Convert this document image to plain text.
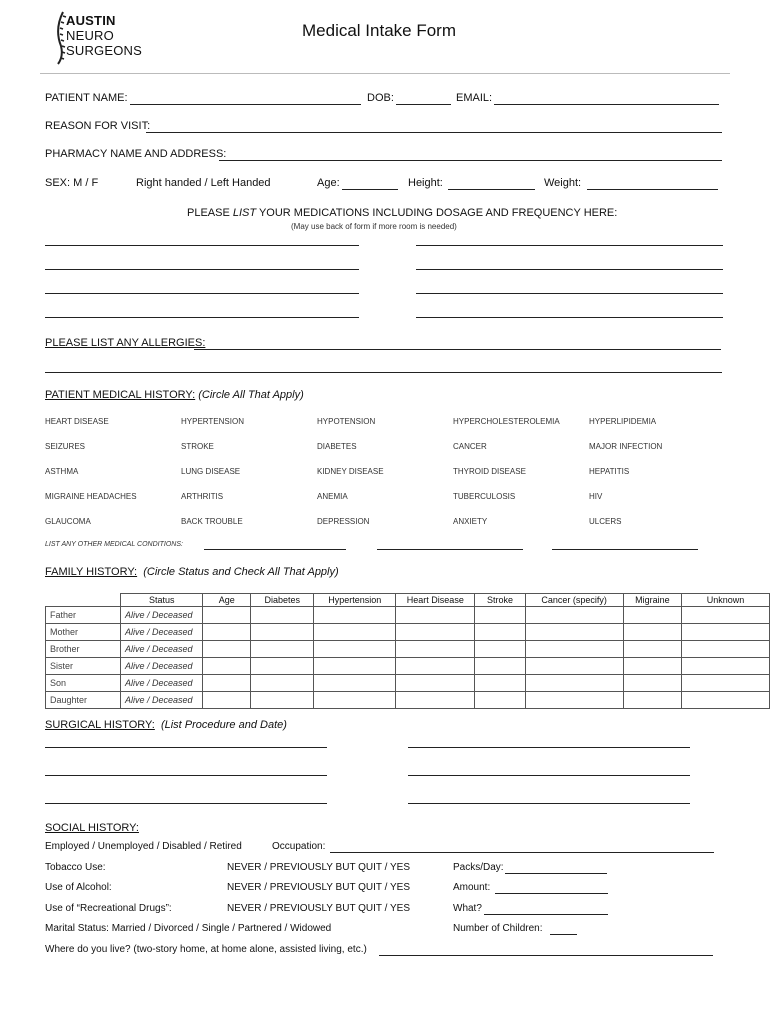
AUSTIN
NEURO
SURGEONS
Medical Intake Form
PATIENT NAME:	DOB:	EMAIL:
REASON FOR VISIT:
PHARMACY NAME AND ADDRESS:
SEX: M / F	Right handed / Left Handed	Age:	Height:	Weight:
PLEASE LIST YOUR MEDICATIONS INCLUDING DOSAGE AND FREQUENCY HERE:
(May use back of form if more room is needed)
PLEASE LIST ANY ALLERGIES:
PATIENT MEDICAL HISTORY: (Circle All That Apply)
HEART DISEASE	HYPERTENSION	HYPOTENSION	HYPERCHOLESTEROLEMIA	HYPERLIPIDEMIA
SEIZURES	STROKE	DIABETES	CANCER	MAJOR INFECTION
ASTHMA	LUNG DISEASE	KIDNEY DISEASE	THYROID DISEASE	HEPATITIS
MIGRAINE HEADACHES	ARTHRITIS	ANEMIA	TUBERCULOSIS	HIV
GLAUCOMA	BACK TROUBLE	DEPRESSION	ANXIETY	ULCERS
LIST ANY OTHER MEDICAL CONDITIONS:
FAMILY HISTORY: (Circle Status and Check All That Apply)
	Status	Age	Diabetes	Hypertension	Heart Disease	Stroke	Cancer (specify)	Migraine	Unknown
Father	Alive / Deceased								
Mother	Alive / Deceased								
Brother	Alive / Deceased								
Sister	Alive / Deceased								
Son	Alive / Deceased								
Daughter	Alive / Deceased								
SURGICAL HISTORY: (List Procedure and Date)
SOCIAL HISTORY:
Employed / Unemployed / Disabled / Retired	Occupation:
Tobacco Use:	NEVER / PREVIOUSLY BUT QUIT / YES	Packs/Day:
Use of Alcohol:	NEVER / PREVIOUSLY BUT QUIT / YES	Amount:
Use of “Recreational Drugs”:	NEVER / PREVIOUSLY BUT QUIT / YES	What?
Marital Status: Married / Divorced / Single / Partnered / Widowed	Number of Children:
Where do you live? (two-story home, at home alone, assisted living, etc.)
